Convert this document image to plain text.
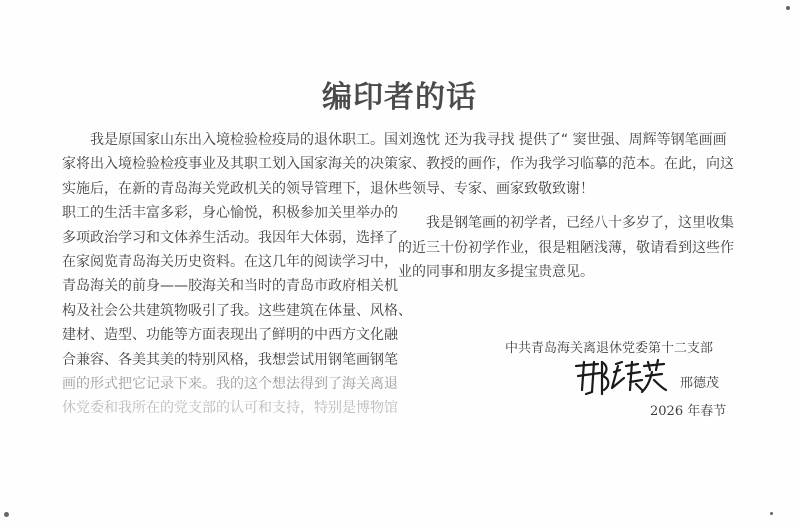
编印者的话
我是原国家山东出入境检验检疫局的退休职工。国
家将出入境检验检疫事业及其职工划入国家海关的决策
实施后，在新的青岛海关党政机关的领导管理下，退休
职工的生活丰富多彩，身心愉悦，积极参加关里举办的
多项政治学习和文体养生活动。我因年大体弱，选择了
在家阅览青岛海关历史资料。在这几年的阅读学习中，
青岛海关的前身——胶海关和当时的青岛市政府相关机
构及社会公共建筑物吸引了我。这些建筑在体量、风格、
建材、造型、功能等方面表现出了鲜明的中西方文化融
合兼容、各美其美的特别风格，我想尝试用钢笔画钢笔
画的形式把它记录下来。我的这个想法得到了海关离退
休党委和我所在的党支部的认可和支持，特别是博物馆
刘逸忱 还为我寻找 提供了“ 窦世强、周辉等钢笔画画
家、教授的画作，作为我学习临摹的范本。在此，向这
些领导、专家、画家致敬致谢！
我是钢笔画的初学者，已经八十多岁了，这里收集
的近三十份初学作业，很是粗陋浅薄，敬请看到这些作
业的同事和朋友多提宝贵意见。
中共青岛海关离退休党委第十二支部
邢德茂
2026 年春节
